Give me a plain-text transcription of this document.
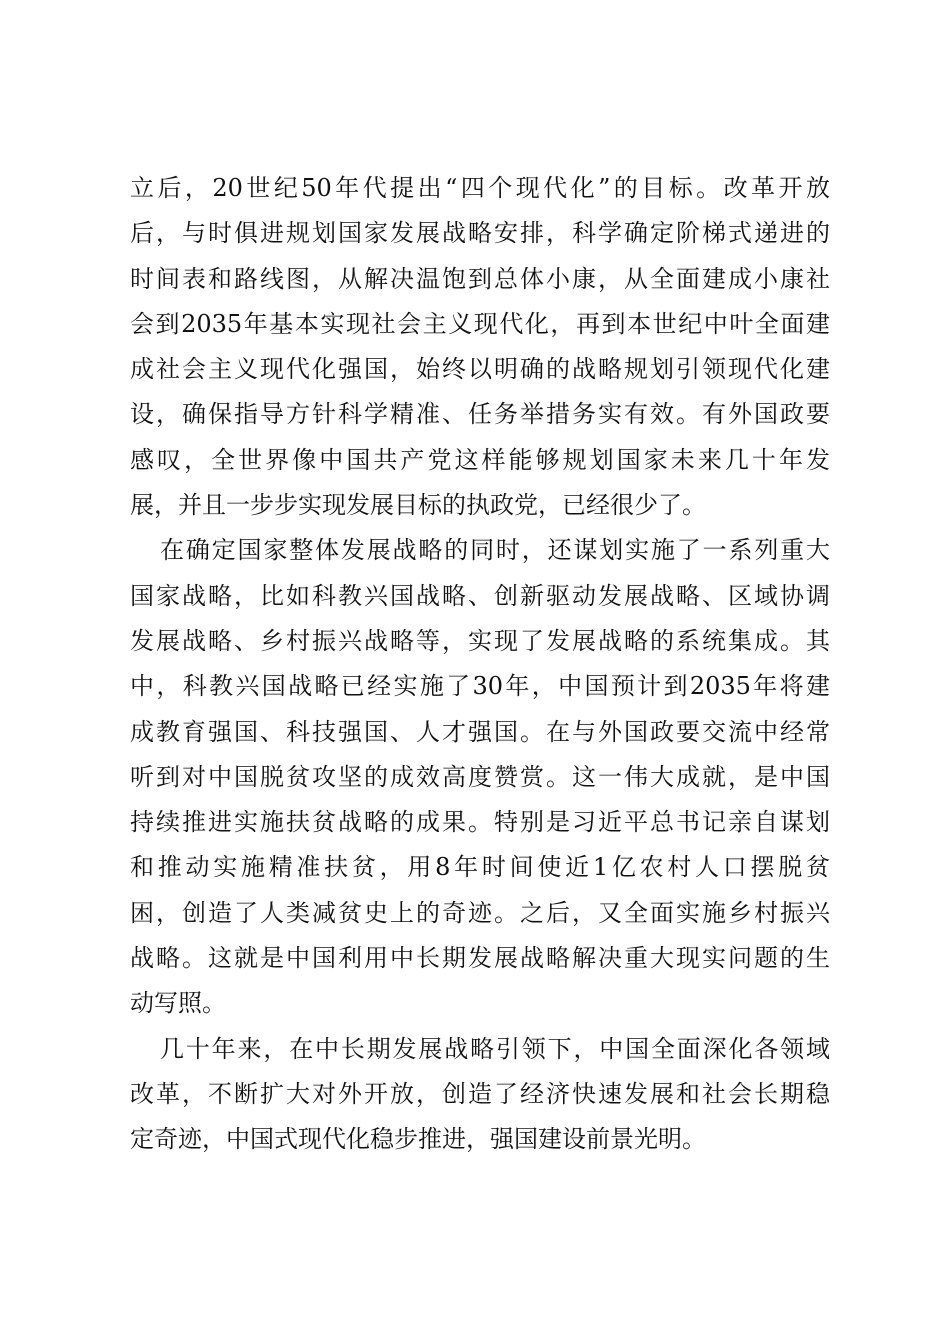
立后，20世纪50年代提出“四个现代化”的目标。改革开放
后，与时俱进规划国家发展战略安排，科学确定阶梯式递进的
时间表和路线图，从解决温饱到总体小康，从全面建成小康社
会到2035年基本实现社会主义现代化，再到本世纪中叶全面建
成社会主义现代化强国，始终以明确的战略规划引领现代化建
设，确保指导方针科学精准、任务举措务实有效。有外国政要
感叹，全世界像中国共产党这样能够规划国家未来几十年发
展，并且一步步实现发展目标的执政党，已经很少了。
在确定国家整体发展战略的同时，还谋划实施了一系列重大
国家战略，比如科教兴国战略、创新驱动发展战略、区域协调
发展战略、乡村振兴战略等，实现了发展战略的系统集成。其
中，科教兴国战略已经实施了30年，中国预计到2035年将建
成教育强国、科技强国、人才强国。在与外国政要交流中经常
听到对中国脱贫攻坚的成效高度赞赏。这一伟大成就，是中国
持续推进实施扶贫战略的成果。特别是习近平总书记亲自谋划
和推动实施精准扶贫，用8年时间使近1亿农村人口摆脱贫
困，创造了人类减贫史上的奇迹。之后，又全面实施乡村振兴
战略。这就是中国利用中长期发展战略解决重大现实问题的生
动写照。
几十年来，在中长期发展战略引领下，中国全面深化各领域
改革，不断扩大对外开放，创造了经济快速发展和社会长期稳
定奇迹，中国式现代化稳步推进，强国建设前景光明。
